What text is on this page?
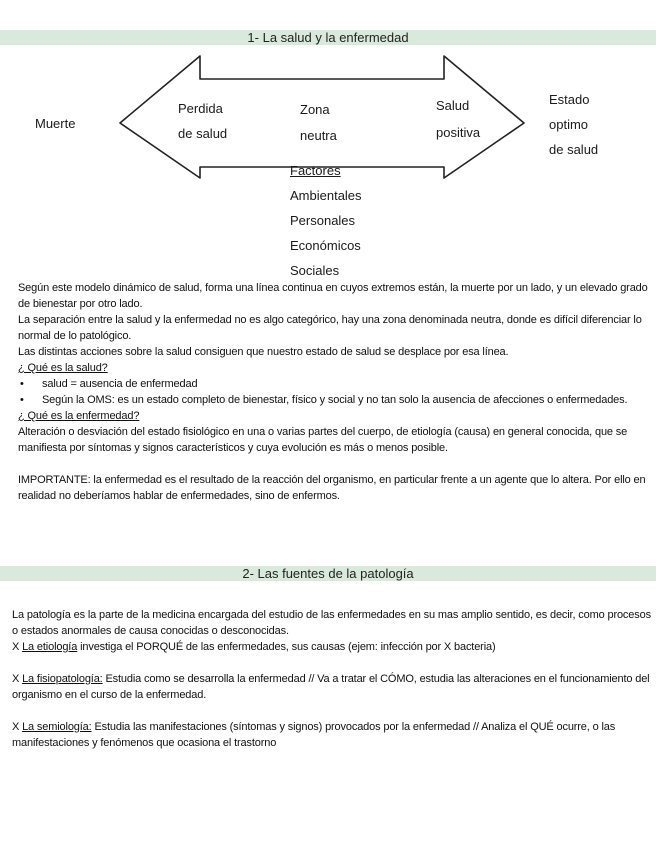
1- La salud y la enfermedad
Muerte
Perdida
de salud
Zona
neutra
Salud
positiva
Estado
optimo
de salud
Factores
Ambientales
Personales
Económicos
Sociales

Según este modelo dinámico de salud, forma una línea continua en cuyos extremos están, la muerte por un lado, y un elevado grado de bienestar por otro lado.

La separación entre la salud y la enfermedad no es algo categórico, hay una zona denominada neutra, donde es difícil diferenciar lo normal de lo patológico.

Las distintas acciones sobre la salud consiguen que nuestro estado de salud se desplace por esa línea.

¿ Qué es la salud?

• salud = ausencia de enfermedad

• Según la OMS: es un estado completo de bienestar, físico y social y no tan solo la ausencia de afecciones o enfermedades.

¿ Qué es la enfermedad?

Alteración o desviación del estado fisiológico en una o varias partes del cuerpo, de etiología (causa) en general conocida, que se manifiesta por síntomas y signos característicos y cuya evolución es más o menos posible.

IMPORTANTE: la enfermedad es el resultado de la reacción del organismo, en particular frente a un agente que lo altera. Por ello en realidad no deberíamos hablar de enfermedades, sino de enfermos.

2- Las fuentes de la patología

La patología es la parte de la medicina encargada del estudio de las enfermedades en su mas amplio sentido, es decir, como procesos o estados anormales de causa conocidas o desconocidas.

X La etiología investiga el PORQUÉ de las enfermedades, sus causas (ejem: infección por X bacteria)

X La fisiopatología: Estudia como se desarrolla la enfermedad // Va a tratar el CÓMO, estudia las alteraciones en el funcionamiento del organismo en el curso de la enfermedad.

X La semiología: Estudia las manifestaciones (síntomas y signos) provocados por la enfermedad // Analiza el QUÉ ocurre, o las manifestaciones y fenómenos que ocasiona el trastorno
